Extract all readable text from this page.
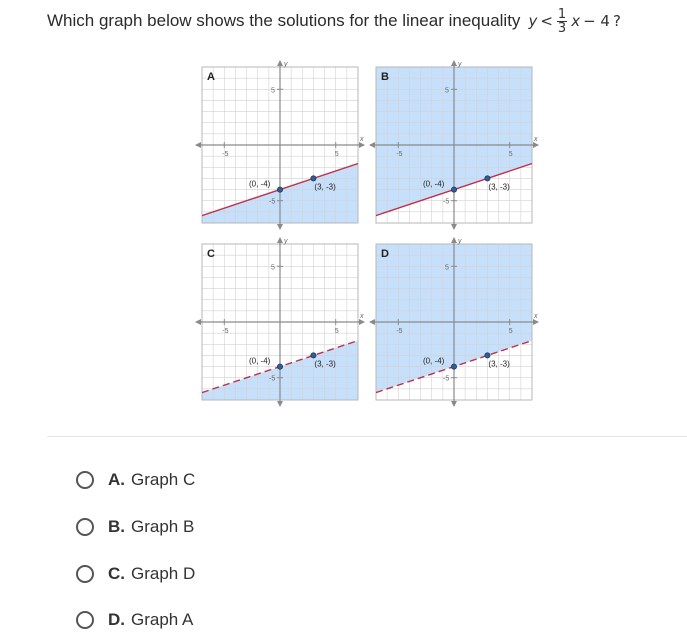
Which graph below shows the solutions for the linear inequality $y < \frac{1}{3}$ x − 4 ?
-5	5
5
-5
x
y
(0, -4)	(3, -3)
A
-5	5
5
-5
x
y
(0, -4)	(3, -3)
B
-5	5
5
-5
x
y
(0, -4)	(3, -3)
C
-5	5
5
-5
x
y
(0, -4)	(3, -3)
D
A. Graph C
B. Graph B
C. Graph D
D. Graph A
